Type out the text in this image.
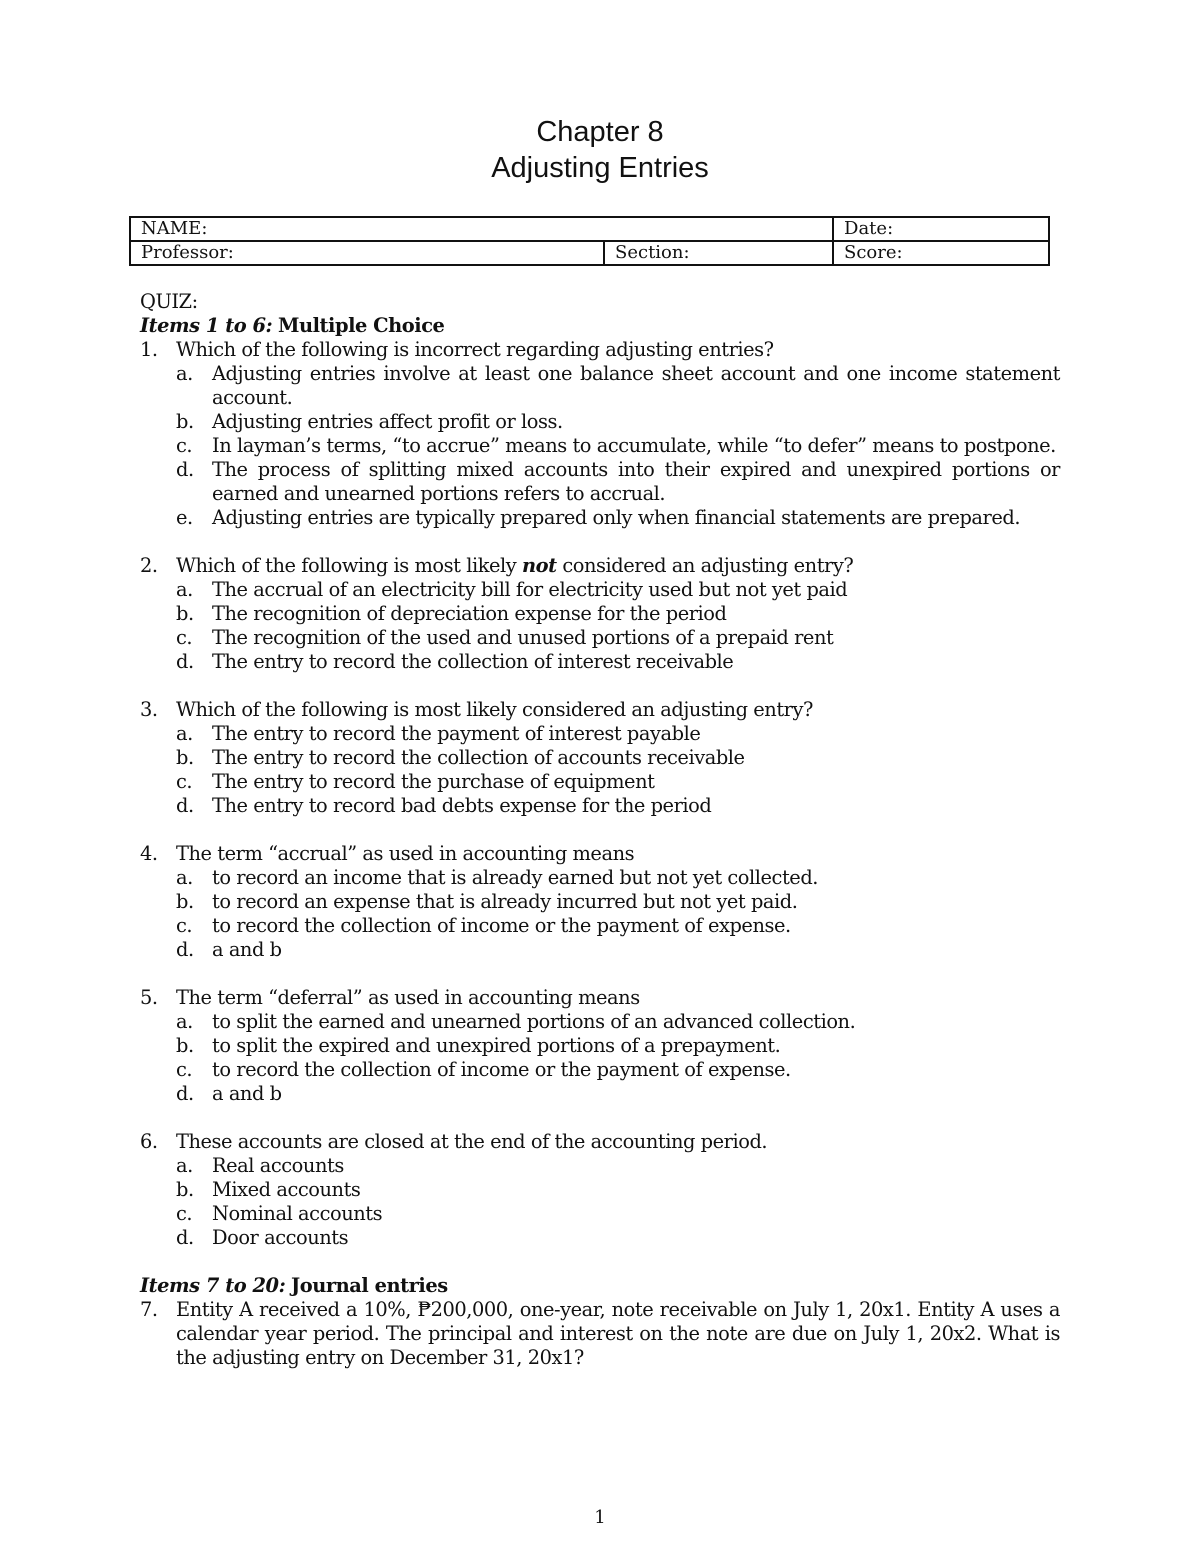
Chapter 8
Adjusting Entries
NAME:		Date:
Professor:	Section:	Score:
QUIZ:
Items 1 to 6: Multiple Choice
1. Which of the following is incorrect regarding adjusting entries?
a. Adjusting entries involve at least one balance sheet account and one income statement account.
b. Adjusting entries affect profit or loss.
c.	In layman’s terms, “to accrue” means to accumulate, while “to defer” means to postpone.
d. The process of splitting mixed accounts into their expired and unexpired portions or earned and unearned portions refers to accrual.
e. Adjusting entries are typically prepared only when financial statements are prepared.
2. Which of the following is most likely not considered an adjusting entry?
a. The accrual of an electricity bill for electricity used but not yet paid
b. The recognition of depreciation expense for the period
c.	The recognition of the used and unused portions of a prepaid rent
d. The entry to record the collection of interest receivable
3. Which of the following is most likely considered an adjusting entry?
a. The entry to record the payment of interest payable
b. The entry to record the collection of accounts receivable
c.	The entry to record the purchase of equipment
d. The entry to record bad debts expense for the period
4. The term “accrual” as used in accounting means
a. to record an income that is already earned but not yet collected.
b. to record an expense that is already incurred but not yet paid.
c.	to record the collection of income or the payment of expense.
d. a and b
5. The term “deferral” as used in accounting means
a. to split the earned and unearned portions of an advanced collection.
b. to split the expired and unexpired portions of a prepayment.
c.	to record the collection of income or the payment of expense.
d. a and b
6. These accounts are closed at the end of the accounting period.
a. Real accounts
b. Mixed accounts
c.	Nominal accounts
d. Door accounts
Items 7 to 20: Journal entries
7. Entity A received a 10%, ₱200,000, one-year, note receivable on July 1, 20x1. Entity A uses a calendar year period. The principal and interest on the note are due on July 1, 20x2. What is the adjusting entry on December 31, 20x1?
1
